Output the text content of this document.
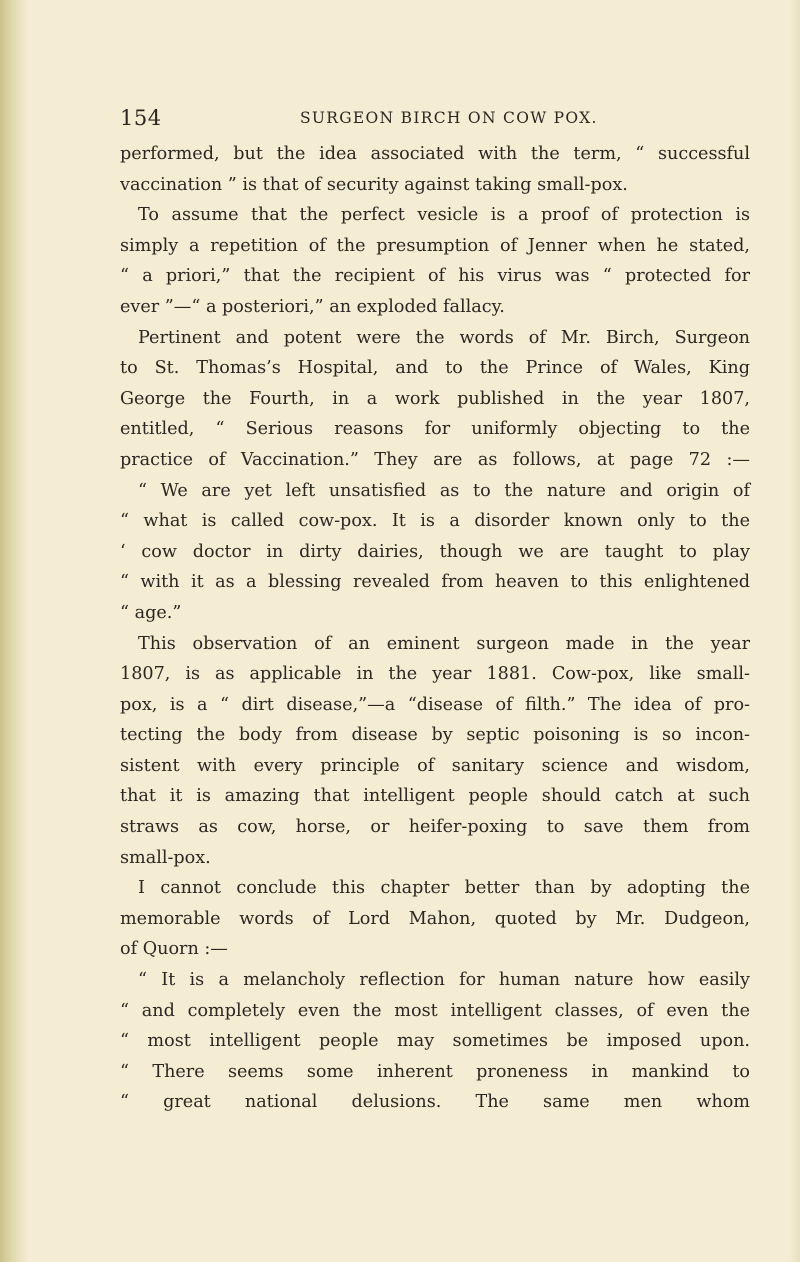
154	SURGEON BIRCH ON COW POX.
performed, but the idea associated with the term, “ successful
vaccination ” is that of security against taking small-pox.
To assume that the perfect vesicle is a proof of protection is
simply a repetition of the presumption of Jenner when he stated,
“ a priori,” that the recipient of his virus was “ protected for
ever ”—“ a posteriori,” an exploded fallacy.
Pertinent and potent were the words of Mr. Birch, Surgeon
to St. Thomas’s Hospital, and to the Prince of Wales, King
George the Fourth, in a work published in the year 1807,
entitled, “ Serious reasons for uniformly objecting to the
practice of Vaccination.” They are as follows, at page 72 :—
“ We are yet left unsatisfied as to the nature and origin of
“ what is called cow-pox. It is a disorder known only to the
‘ cow doctor in dirty dairies, though we are taught to play
“ with it as a blessing revealed from heaven to this enlightened
“ age.”
This observation of an eminent surgeon made in the year
1807, is as applicable in the year 1881. Cow-pox, like small-
pox, is a “ dirt disease,”—a “disease of filth.” The idea of pro-
tecting the body from disease by septic poisoning is so incon-
sistent with every principle of sanitary science and wisdom,
that it is amazing that intelligent people should catch at such
straws as cow, horse, or heifer-poxing to save them from
small-pox.
I cannot conclude this chapter better than by adopting the
memorable words of Lord Mahon, quoted by Mr. Dudgeon,
of Quorn :—
“ It is a melancholy reflection for human nature how easily
“ and completely even the most intelligent classes, of even the
“ most intelligent people may sometimes be imposed upon.
“ There seems some inherent proneness in mankind to
“ great national delusions. The same men whom
